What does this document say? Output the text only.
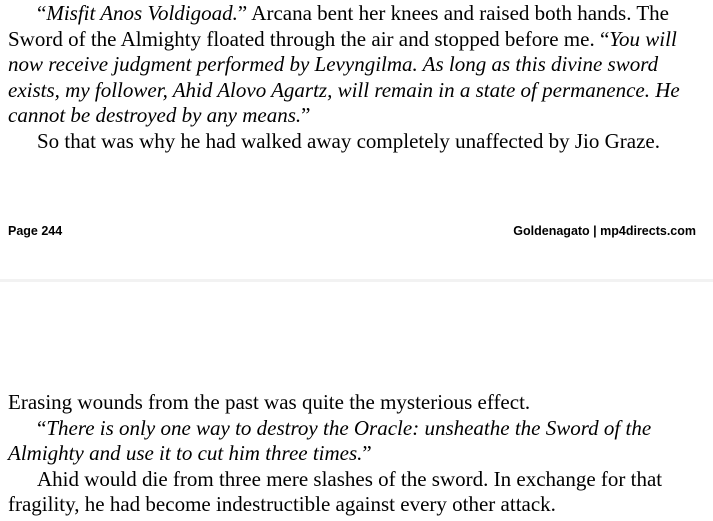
“Misfit Anos Voldigoad.” Arcana bent her knees and raised both hands. The Sword of the Almighty floated through the air and stopped before me. “You will now receive judgment performed by Levyngilma. As long as this divine sword exists, my follower, Ahid Alovo Agartz, will remain in a state of permanence. He cannot be destroyed by any means.”

So that was why he had walked away completely unaffected by Jio Graze.

Page 244	Goldenagato | mp4directs.com

Erasing wounds from the past was quite the mysterious effect.

“There is only one way to destroy the Oracle: unsheathe the Sword of the Almighty and use it to cut him three times.”

Ahid would die from three mere slashes of the sword. In exchange for that fragility, he had become indestructible against every other attack.
